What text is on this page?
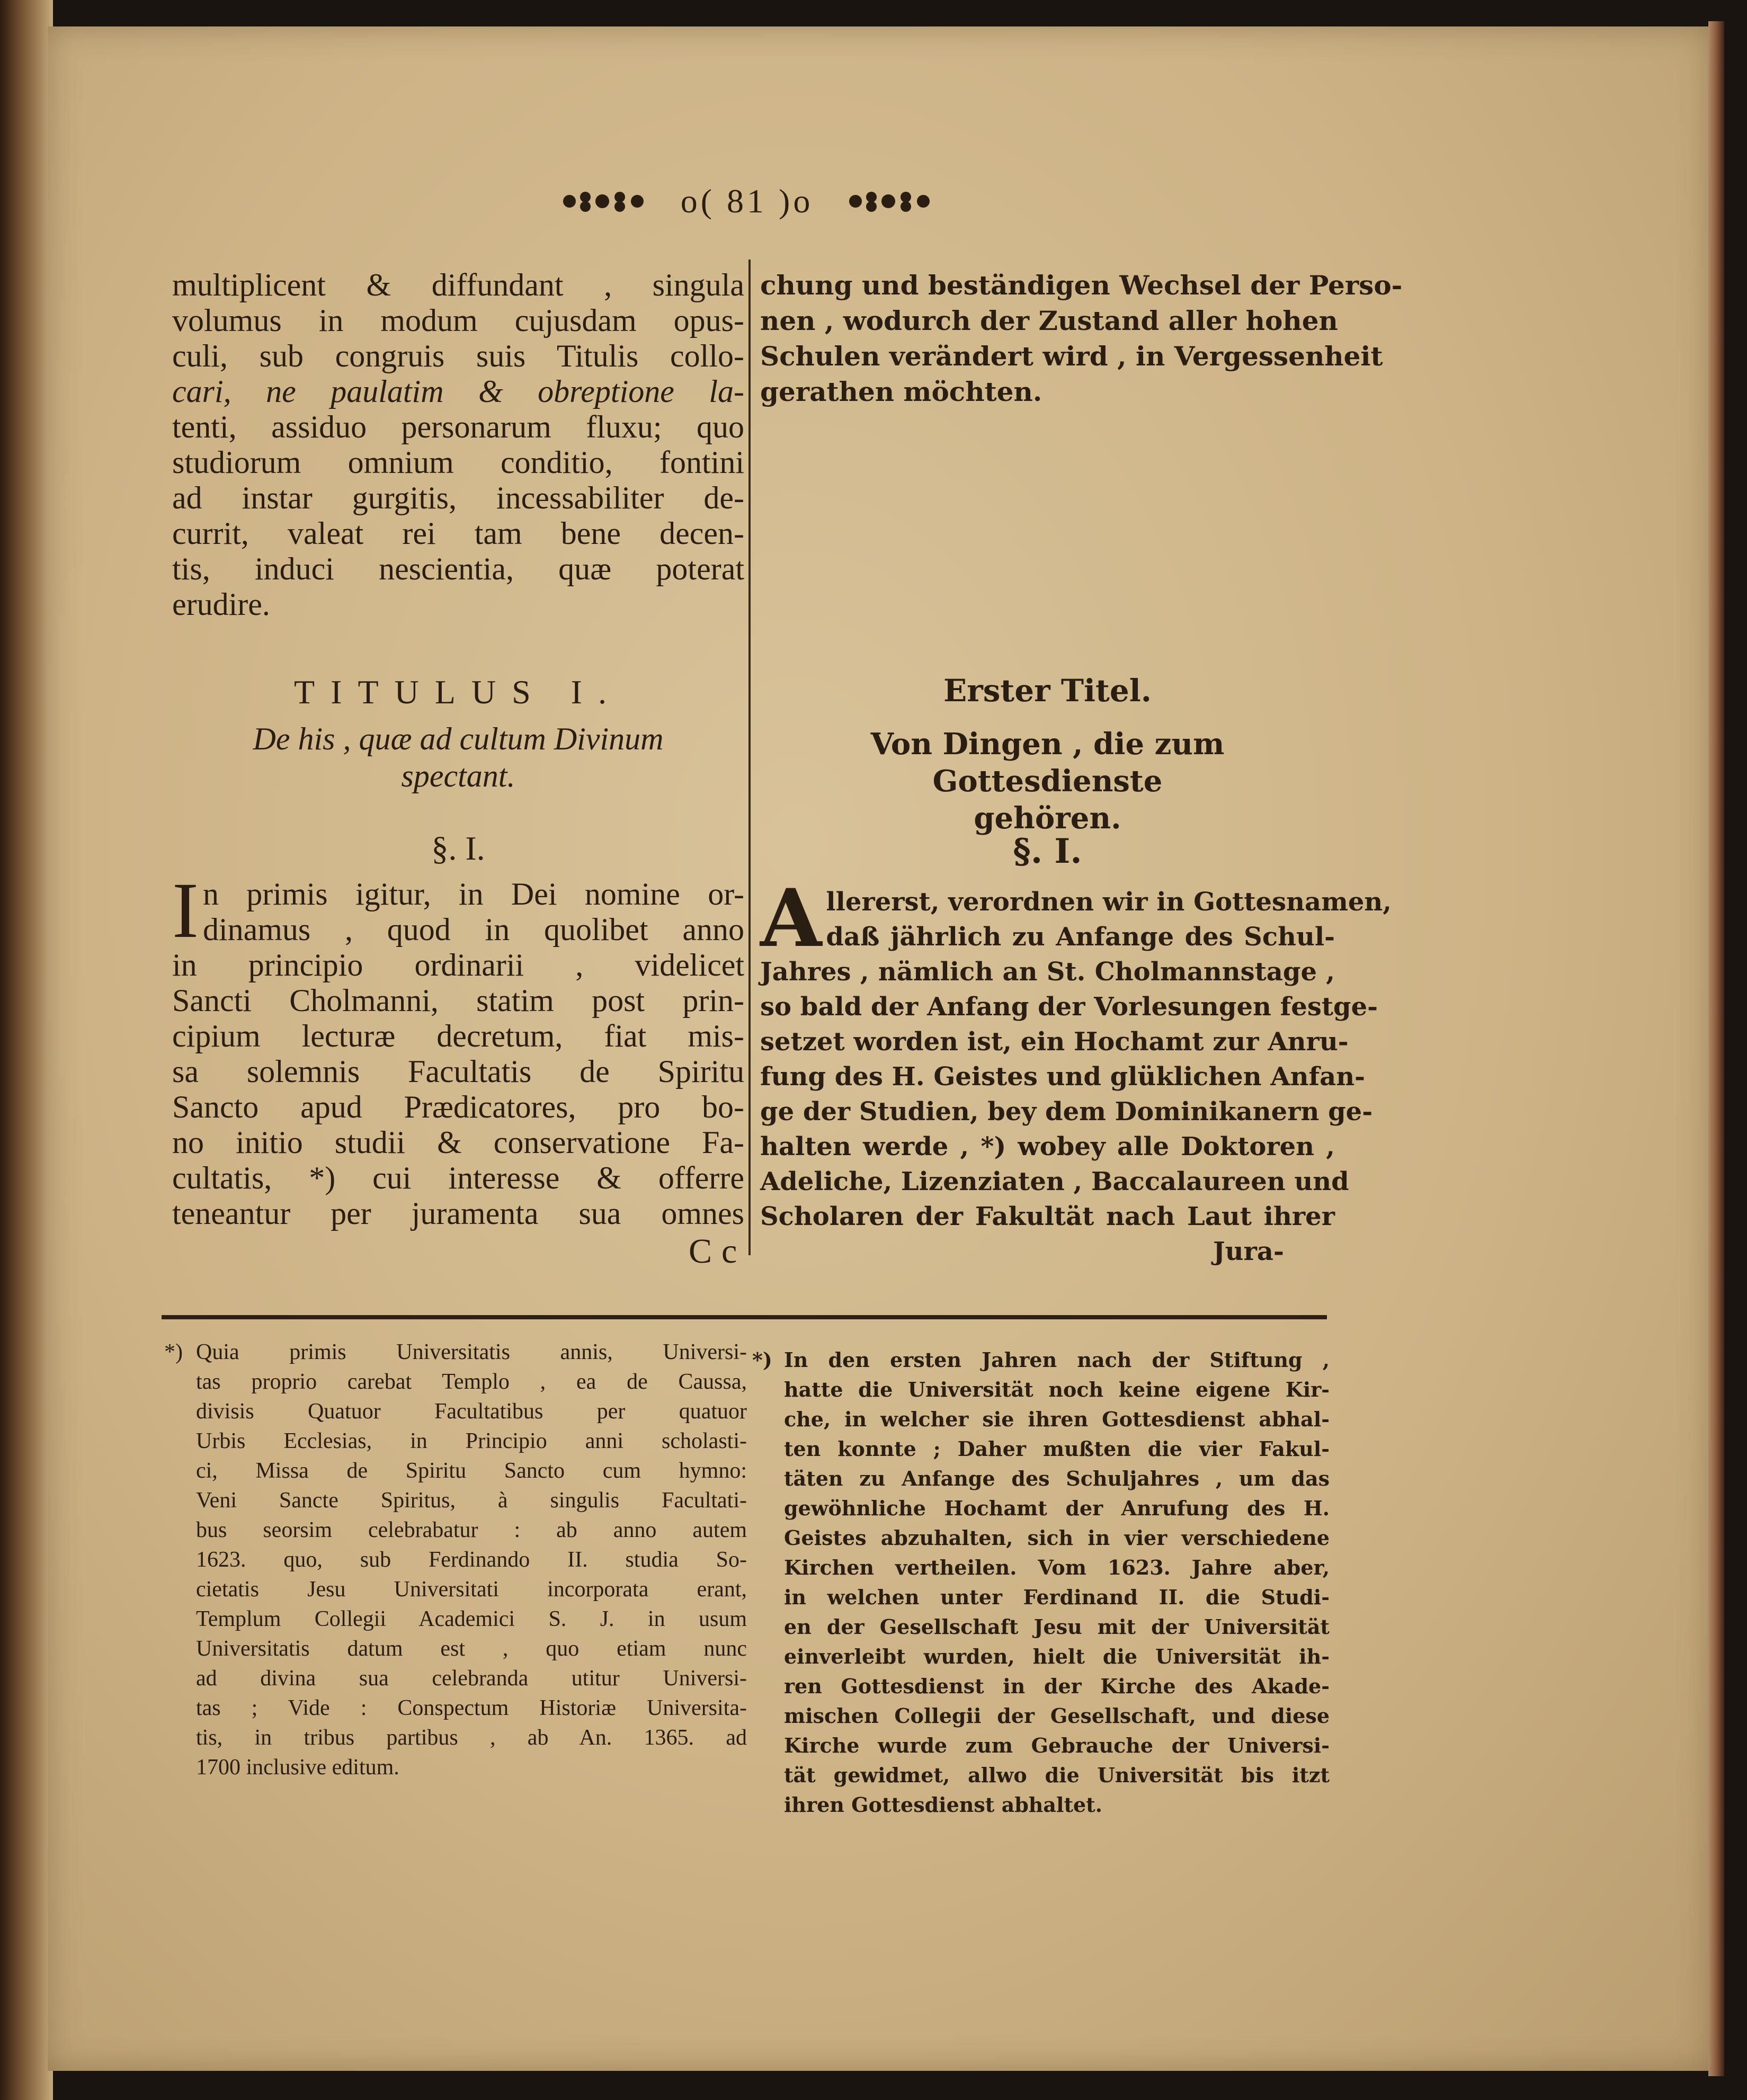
o( 81 )o
multiplicent & diffundant , singula
volumus in modum cujusdam opus-
culi, sub congruis suis Titulis collo-
cari, ne paulatim & obreptione la-
tenti, assiduo personarum fluxu; quo
studiorum omnium conditio, fontini
ad instar gurgitis, incessabiliter de-
currit, valeat rei tam bene decen-
tis, induci nescientia, quæ poterat
erudire.
chung und beständigen Wechsel der Perso-
nen , wodurch der Zustand aller hohen
Schulen verändert wird , in Vergessenheit
gerathen möchten.
TITULUS I.	Erster Titel.
De his , quæ ad cultum Divinum
spectant.
Von Dingen , die zum Gottesdienste
gehören.
§. I.	§. I.
I n primis igitur, in Dei nomine or-
dinamus , quod in quolibet anno
in principio ordinarii , videlicet
Sancti Cholmanni, statim post prin-
cipium lecturæ decretum, fiat mis-
sa solemnis Facultatis de Spiritu
Sancto apud Prædicatores, pro bo-
no initio studii & conservatione Fa-
cultatis, *) cui interesse & offerre
teneantur per juramenta sua omnes
A llererst, verordnen wir in Gottesnamen,
daß jährlich zu Anfange des Schul-
Jahres , nämlich an St. Cholmannstage ,
so bald der Anfang der Vorlesungen festge-
setzet worden ist, ein Hochamt zur Anru-
fung des H. Geistes und glüklichen Anfan-
ge der Studien, bey dem Dominikanern ge-
halten werde , *) wobey alle Doktoren ,
Adeliche, Lizenziaten , Baccalaureen und
Scholaren der Fakultät nach Laut ihrer
Cc	Jura-
*) Quia primis Universitatis annis, Universi-
tas proprio carebat Templo , ea de Caussa,
divisis Quatuor Facultatibus per quatuor
Urbis Ecclesias, in Principio anni scholasti-
ci, Missa de Spiritu Sancto cum hymno:
Veni Sancte Spiritus, à singulis Facultati-
bus seorsim celebrabatur : ab anno autem
1623. quo, sub Ferdinando II. studia So-
cietatis Jesu Universitati incorporata erant,
Templum Collegii Academici S. J. in usum
Universitatis datum est , quo etiam nunc
ad divina sua celebranda utitur Universi-
tas ; Vide : Conspectum Historiæ Universita-
tis, in tribus partibus , ab An. 1365. ad
1700 inclusive editum.
*) In den ersten Jahren nach der Stiftung ,
hatte die Universität noch keine eigene Kir-
che, in welcher sie ihren Gottesdienst abhal-
ten konnte ; Daher mußten die vier Fakul-
täten zu Anfange des Schuljahres , um das
gewöhnliche Hochamt der Anrufung des H.
Geistes abzuhalten, sich in vier verschiedene
Kirchen vertheilen. Vom 1623. Jahre aber,
in welchen unter Ferdinand II. die Studi-
en der Gesellschaft Jesu mit der Universität
einverleibt wurden, hielt die Universität ih-
ren Gottesdienst in der Kirche des Akade-
mischen Collegii der Gesellschaft, und diese
Kirche wurde zum Gebrauche der Universi-
tät gewidmet, allwo die Universität bis itzt
ihren Gottesdienst abhaltet.
